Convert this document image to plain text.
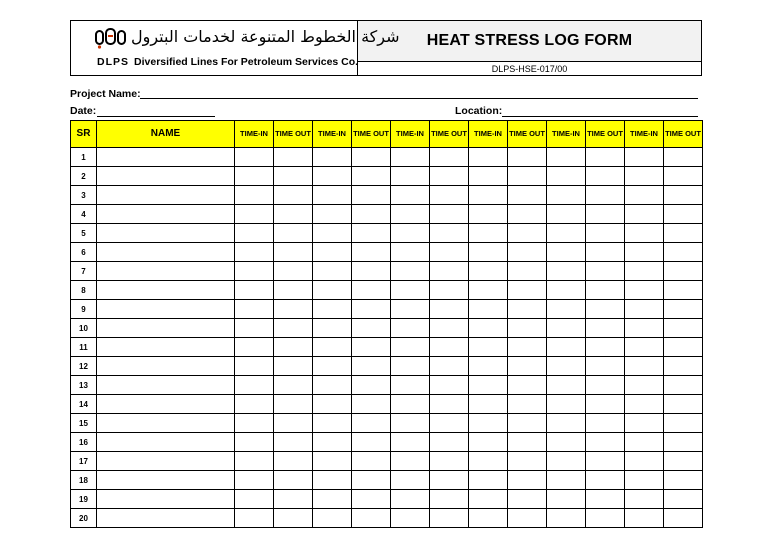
شركة الخطوط المتنوعة لخدمات البترول
DLPS Diversified Lines For Petroleum Services Co.
HEAT STRESS LOG FORM
DLPS-HSE-017/00
Project Name:
Date:	Location:
SR	NAME	TIME-IN	TIME OUT	TIME-IN	TIME OUT	TIME-IN	TIME OUT	TIME-IN	TIME OUT	TIME-IN	TIME OUT	TIME-IN	TIME OUT
1													
2													
3													
4													
5													
6													
7													
8													
9													
10													
11													
12													
13													
14													
15													
16													
17													
18													
19													
20													
